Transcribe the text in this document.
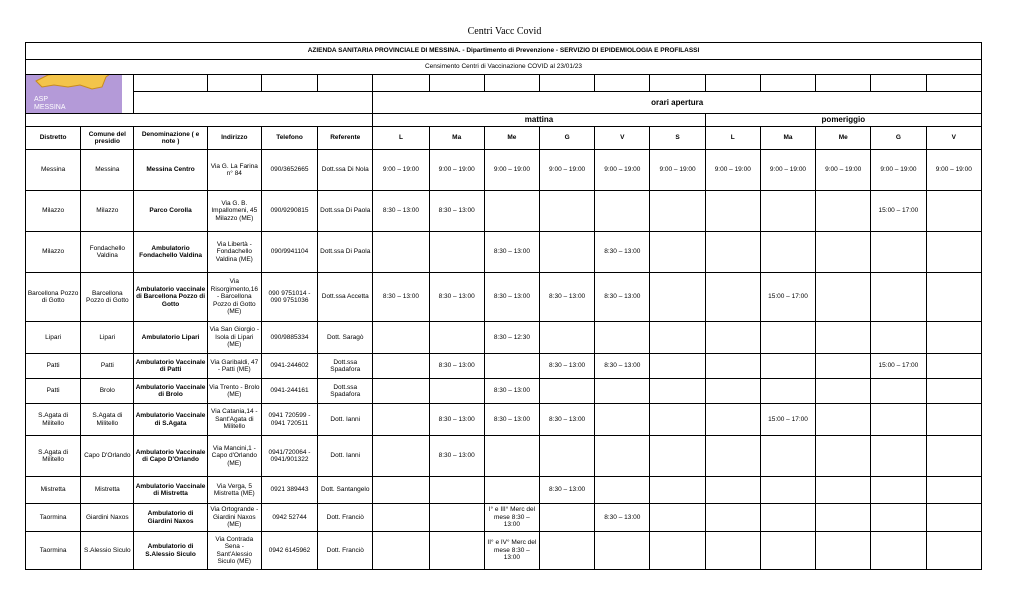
Centri Vacc Covid
AZIENDA SANITARIA PROVINCIALE DI MESSINA. - Dipartimento di Prevenzione - SERVIZIO DI EPIDEMIOLOGIA E PROFILASSI																
Censimento Centri di Vaccinazione COVID al 23/01/23																

ASP
MESSINA																

						orari apertura										
						mattina						pomeriggio				
Distretto	Comune del presidio	Denominazione ( e note )	Indirizzo	Telefono	Referente	L	Ma	Me	G	V	S	L	Ma	Me	G	V
Messina	Messina	Messina Centro	Via G. La Farina n° 84	090/3652665	Dott.ssa Di Nola	9:00 – 19:00	9:00 – 19:00	9:00 – 19:00	9:00 – 19:00	9:00 – 19:00	9:00 – 19:00	9:00 – 19:00	9:00 – 19:00	9:00 – 19:00	9:00 – 19:00	9:00 – 19:00
Milazzo	Milazzo	Parco Corolla	Via G. B. Impallomeni, 45 Milazzo (ME)	090/9290815	Dott.ssa Di Paola	8:30 – 13:00	8:30 – 13:00								15:00 – 17:00	
Milazzo	Fondachello Valdina	Ambulatorio Fondachello Valdina	Via Libertà - Fondachello Valdina (ME)	090/9941104	Dott.ssa Di Paola			8:30 – 13:00		8:30 – 13:00						
Barcellona Pozzo di Gotto	Barcellona Pozzo di Gotto	Ambulatorio vaccinale di Barcellona Pozzo di Gotto	Via Risorgimento,16 - Barcellona Pozzo di Gotto (ME)	090 9751014 - 090 9751036	Dott.ssa Accetta	8:30 – 13:00	8:30 – 13:00	8:30 – 13:00	8:30 – 13:00	8:30 – 13:00			15:00 – 17:00			
Lipari	Lipari	Ambulatorio Lipari	Via San Giorgio - Isola di Lipari (ME)	090/9885334	Dott. Saragò			8:30 – 12:30								
Patti	Patti	Ambulatorio Vaccinale di Patti	Via Garibaldi, 47 - Patti (ME)	0941-244602	Dott.ssa Spadafora		8:30 – 13:00		8:30 – 13:00	8:30 – 13:00					15:00 – 17:00	
Patti	Brolo	Ambulatorio Vaccinale di Brolo	Via Trento - Brolo (ME)	0941-244161	Dott.ssa Spadafora			8:30 – 13:00								
S.Agata di Militello	S.Agata di Militello	Ambulatorio Vaccinale di S.Agata	Via Catania,14 - Sant'Agata di Militello	0941 720599 - 0941 720511	Dott. Ianni		8:30 – 13:00	8:30 – 13:00	8:30 – 13:00				15:00 – 17:00			
S.Agata di Militello	Capo D'Orlando	Ambulatorio Vaccinale di Capo D'Orlando	Via Mancini,1 - Capo d'Orlando (ME)	0941/720064 - 0941/901322	Dott. Ianni		8:30 – 13:00									
Mistretta	Mistretta	Ambulatorio Vaccinale di Mistretta	Via Verga, 5 Mistretta (ME)	0921 389443	Dott. Santangelo				8:30 – 13:00							
Taormina	Giardini Naxos	Ambulatorio di Giardini Naxos	Via Ortogrande - Giardini Naxos (ME)	0942 52744	Dott. Franciò			I° e III° Merc del mese 8:30 – 13:00		8:30 – 13:00						
Taormina	S.Alessio Siculo	Ambulatorio di S.Alessio Siculo	Via Contrada Sena - Sant'Alessio Siculo (ME)	0942 6145962	Dott. Franciò			II° e IV° Merc del mese 8:30 – 13:00								
